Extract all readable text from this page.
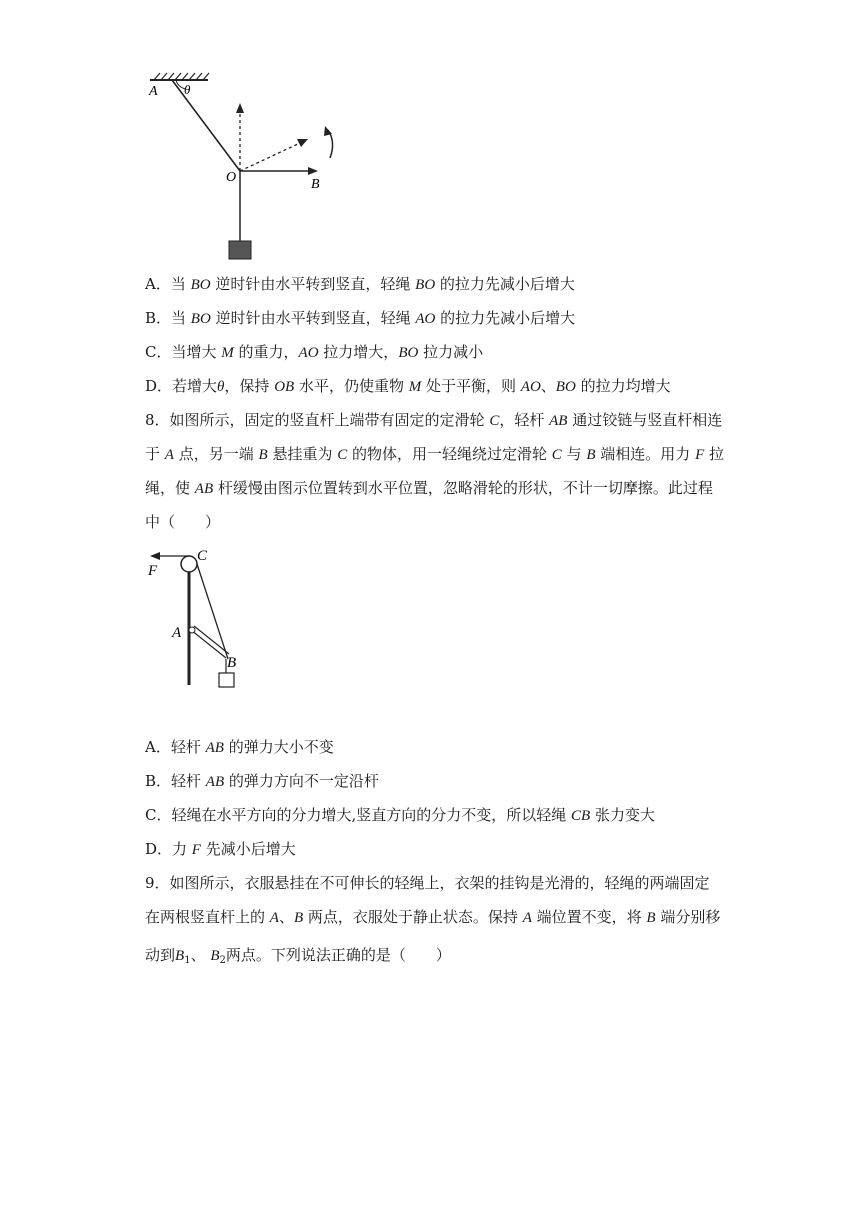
A θ
O	B
A．当 BO 逆时针由水平转到竖直，轻绳 BO 的拉力先减小后增大
B．当 BO 逆时针由水平转到竖直，轻绳 AO 的拉力先减小后增大
C．当增大 M 的重力，AO 拉力增大，BO 拉力减小
D．若增大θ，保持 OB 水平，仍使重物 M 处于平衡，则 AO、BO 的拉力均增大
8．如图所示，固定的竖直杆上端带有固定的定滑轮 C，轻杆 AB 通过铰链与竖直杆相连
于 A 点，另一端 B 悬挂重为 C 的物体，用一轻绳绕过定滑轮 C 与 B 端相连。用力 F 拉
绳，使 AB 杆缓慢由图示位置转到水平位置，忽略滑轮的形状，不计一切摩擦。此过程
中（　　）
F
C
A
B
A．轻杆 AB 的弹力大小不变
B．轻杆 AB 的弹力方向不一定沿杆
C．轻绳在水平方向的分力增大,竖直方向的分力不变，所以轻绳 CB 张力变大
D．力 F 先减小后增大
9．如图所示，衣服悬挂在不可伸长的轻绳上，衣架的挂钩是光滑的，轻绳的两端固定
在两根竖直杆上的 A、B 两点，衣服处于静止状态。保持 A 端位置不变，将 B 端分别移
动到$B_1$、 $B_2$两点。下列说法正确的是（　　）
